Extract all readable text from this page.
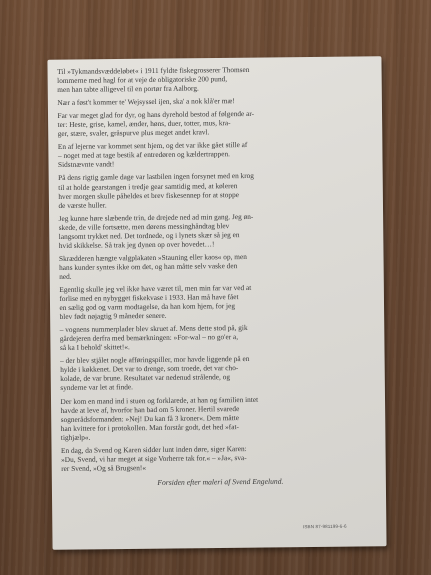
Til »Tykmandsvæddeløbet« i 1911 fyldte fiskegrosserer Thomsen
lommerne med hagl for at veje de obligatoriske 200 pund,
men han tabte alligevel til en portør fra Aalborg.
Nær a føst't kommer te' Wejsyssel ijen, ska' a nok klå'er mæ!
Far var meget glad for dyr, og hans dyrehold bestod af følgende ar-
ter: Heste, grise, kamel, ænder, høns, duer, totter, mus, kra-
ger, stære, svaler, gråspurve plus meget andet kravl.
En af lejerne var kommet sent hjem, og det var ikke gået stille af
– noget med at tage bestik af entredøren og kældertrappen.
Sidstnævnte vandt!
På dens rigtig gamle dage var lastbilen ingen forsynet med en krog
til at holde gearstangen i tredje gear samtidig med, at køleren
hver morgen skulle påheldes et brev fiskesennep for at stoppe
de værste huller.
Jeg kunne høre slæbende trin, de drejede ned ad min gang. Jeg øn-
skede, de ville fortsætte, men dørens messinghåndtag blev
langsomt trykket ned. Det tordnede, og i lynets skær så jeg en
hvid skikkelse. Så trak jeg dynen op over hovedet…!
Skrædderen hængte valgplakaten »Stauning eller kaos« op, men
hans kunder syntes ikke om det, og han måtte selv vaske den
ned.
Egentlig skulle jeg vel ikke have været til, men min far var ved at
forlise med en nybygget fiskekvase i 1933. Han må have fået
en sælig god og varm modtagelse, da han kom hjem, for jeg
blev født nøjagtig 9 måneder senere.
– vognens nummerplader blev skruet af. Mens dette stod på, gik
gårdejeren derfra med bemærkningen: »For-wal – no go'er a,
så ka I behold' skittet!«.
– der blev stjålet nogle afføringspiller, mor havde liggende på en
hylde i køkkenet. Det var to drenge, som troede, det var cho-
kolade, de var brune. Resultatet var nedenud strålende, og
synderne var let at finde.
Der kom en mand ind i stuen og forklarede, at han og familien intet
havde at leve af, hvorfor han bad om 5 kroner. Hertil svarede
sognerådsformanden: »Nej! Du kan få 3 kroner«. Dem måtte
han kvittere for i protokollen. Man forstår godt, det hed »fat-
tighjælp«.
En dag, da Svend og Karen sidder lunt inden døre, siger Karen:
»Du, Svend, vi har meget at sige Vorherre tak for.« – »Ja«, sva-
rer Svend, »Og så Brugsen!«
Forsiden efter maleri af Svend Engelund.
ISBN 87-981199-6-6
